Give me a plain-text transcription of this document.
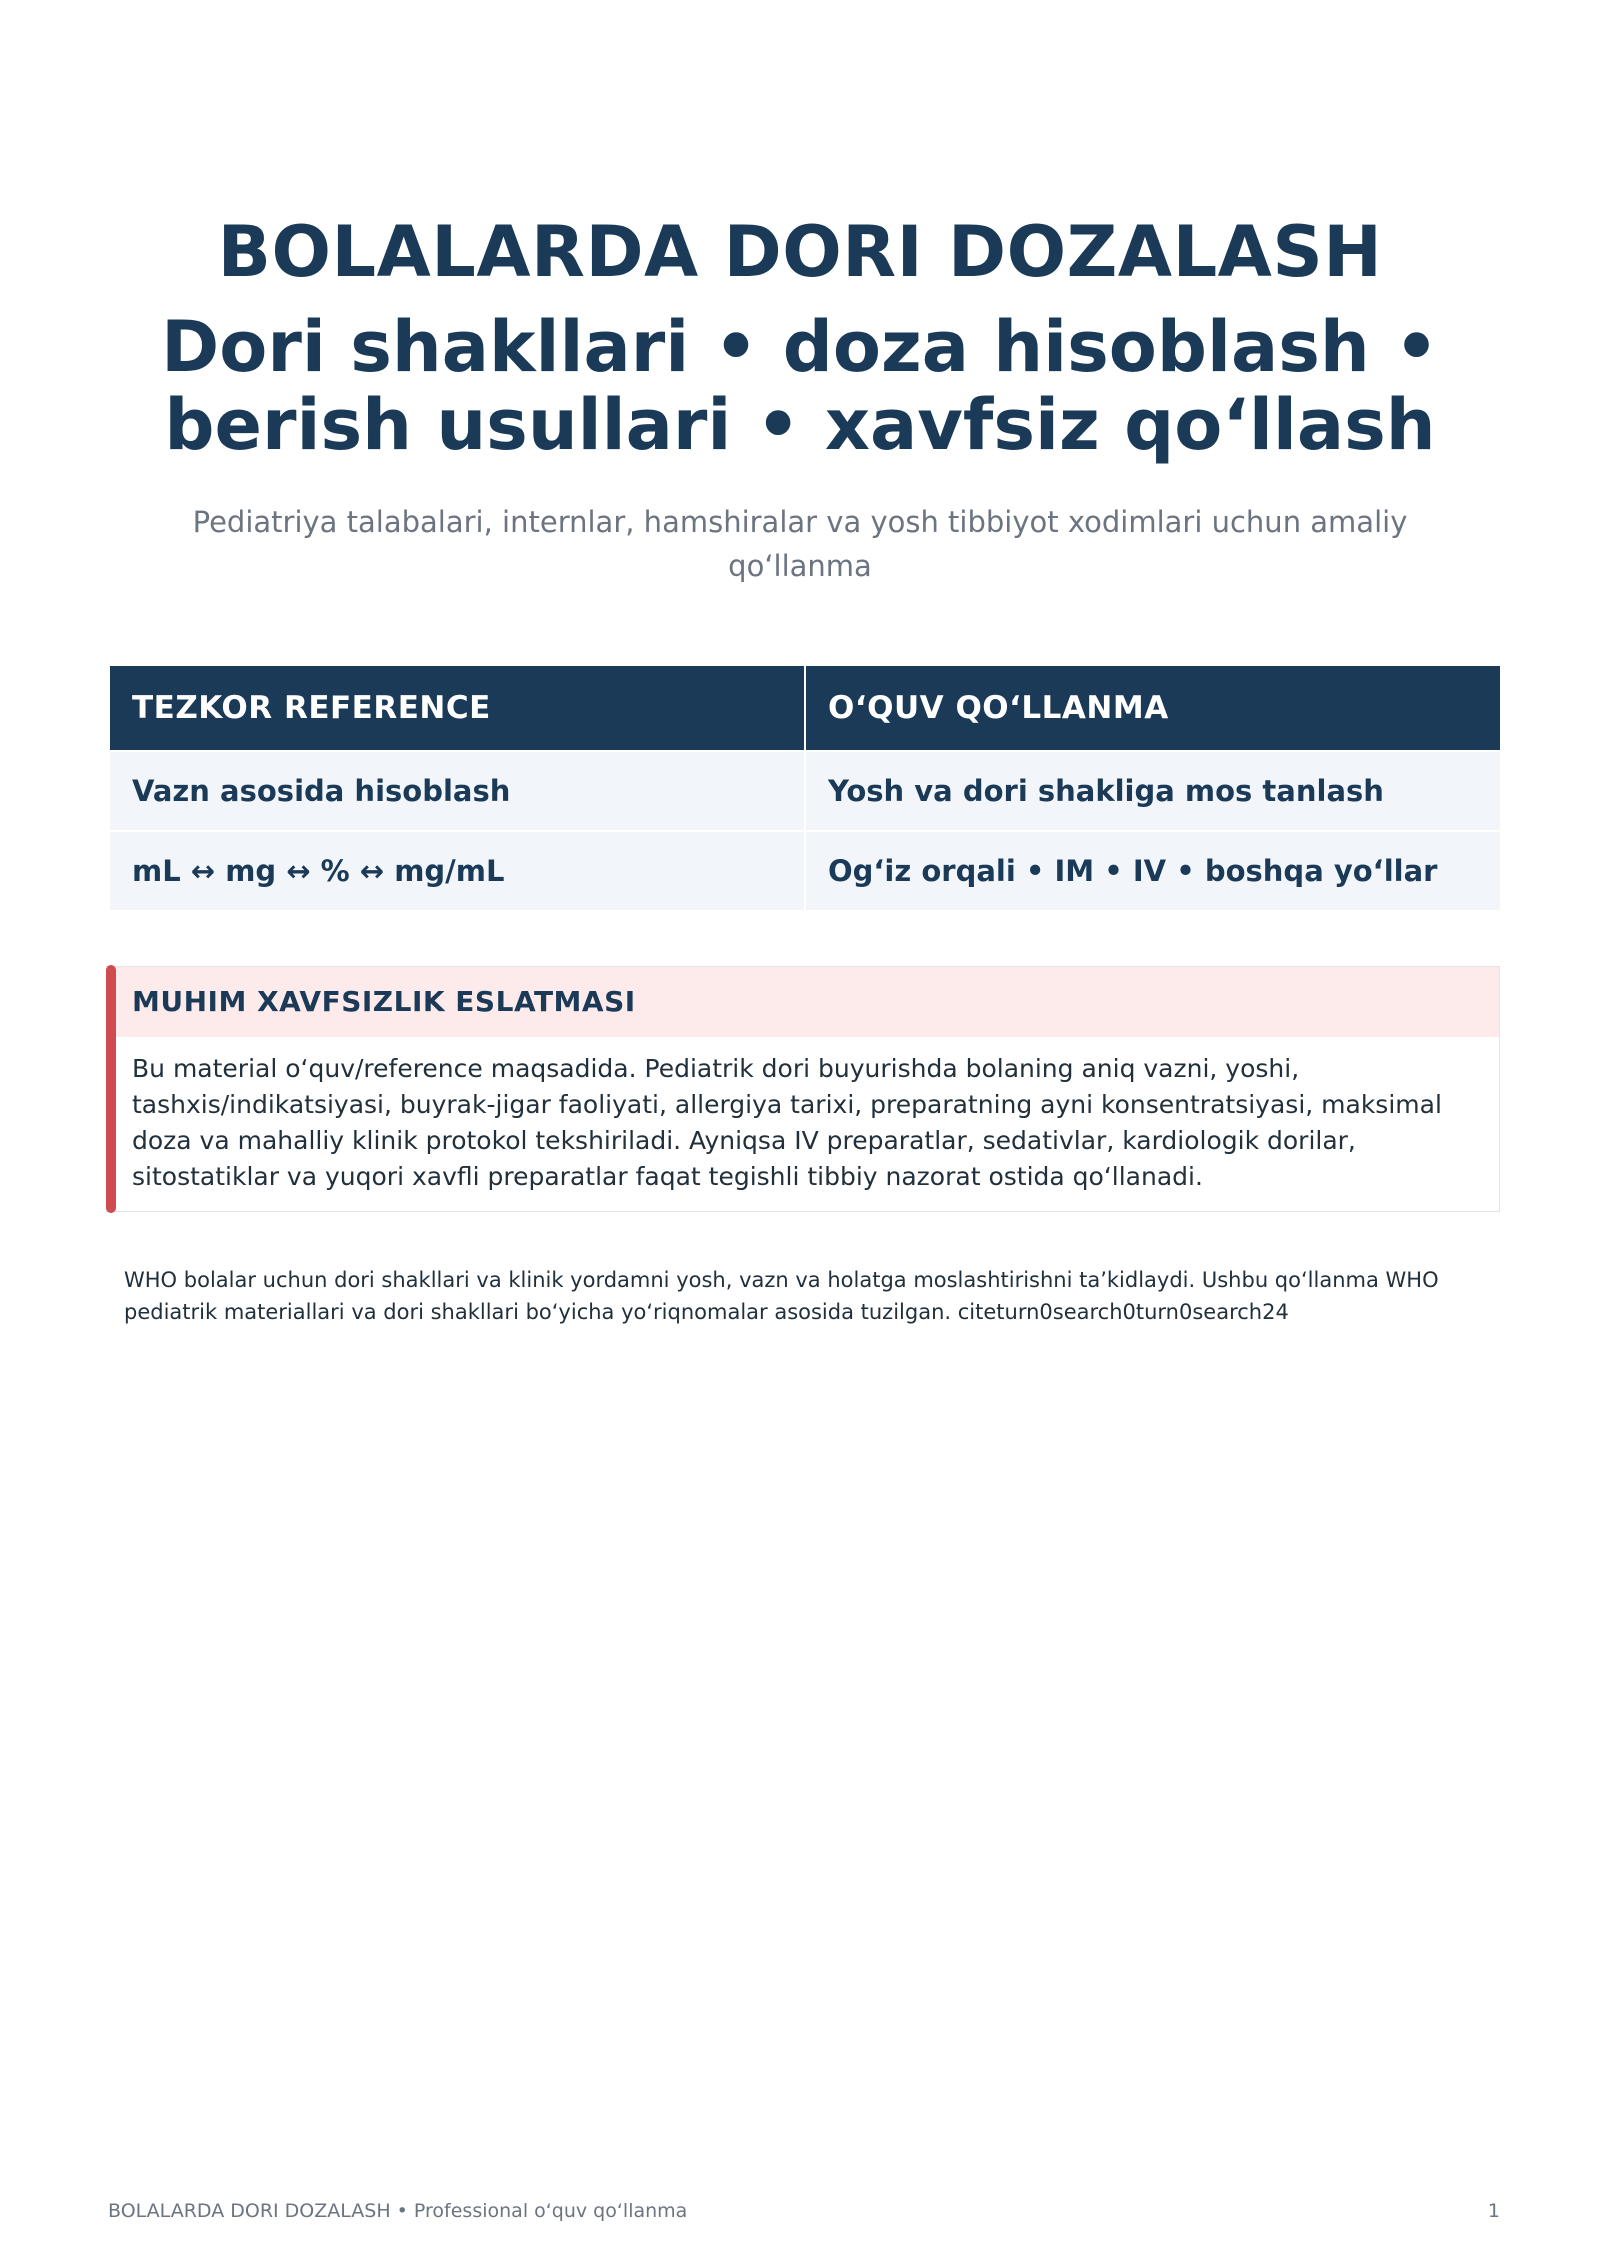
BOLALARDA DORI DOZALASH
Dori shakllari • doza hisoblash • berish usullari • xavfsiz qo‘llash

Pediatriya talabalari, internlar, hamshiralar va yosh tibbiyot xodimlari uchun amaliy qo‘llanma

TEZKOR REFERENCE	O‘QUV QO‘LLANMA
Vazn asosida hisoblash	Yosh va dori shakliga mos tanlash
mL ↔ mg ↔ % ↔ mg/mL	Og‘iz orqali • IM • IV • boshqa yo‘llar
MUHIM XAVFSIZLIK ESLATMASI

Bu material o‘quv/reference maqsadida. Pediatrik dori buyurishda bolaning aniq vazni, yoshi, tashxis/indikatsiyasi, buyrak-jigar faoliyati, allergiya tarixi, preparatning ayni konsentratsiyasi, maksimal doza va mahalliy klinik protokol tekshiriladi. Ayniqsa IV preparatlar, sedativlar, kardiologik dorilar, sitostatiklar va yuqori xavfli preparatlar faqat tegishli tibbiy nazorat ostida qo‘llanadi.

WHO bolalar uchun dori shakllari va klinik yordamni yosh, vazn va holatga moslashtirishni ta’kidlaydi. Ushbu qo‘llanma WHO pediatrik materiallari va dori shakllari bo‘yicha yo‘riqnomalar asosida tuzilgan. citeturn0search0turn0search24

BOLALARDA DORI DOZALASH • Professional o‘quv qo‘llanma	1
